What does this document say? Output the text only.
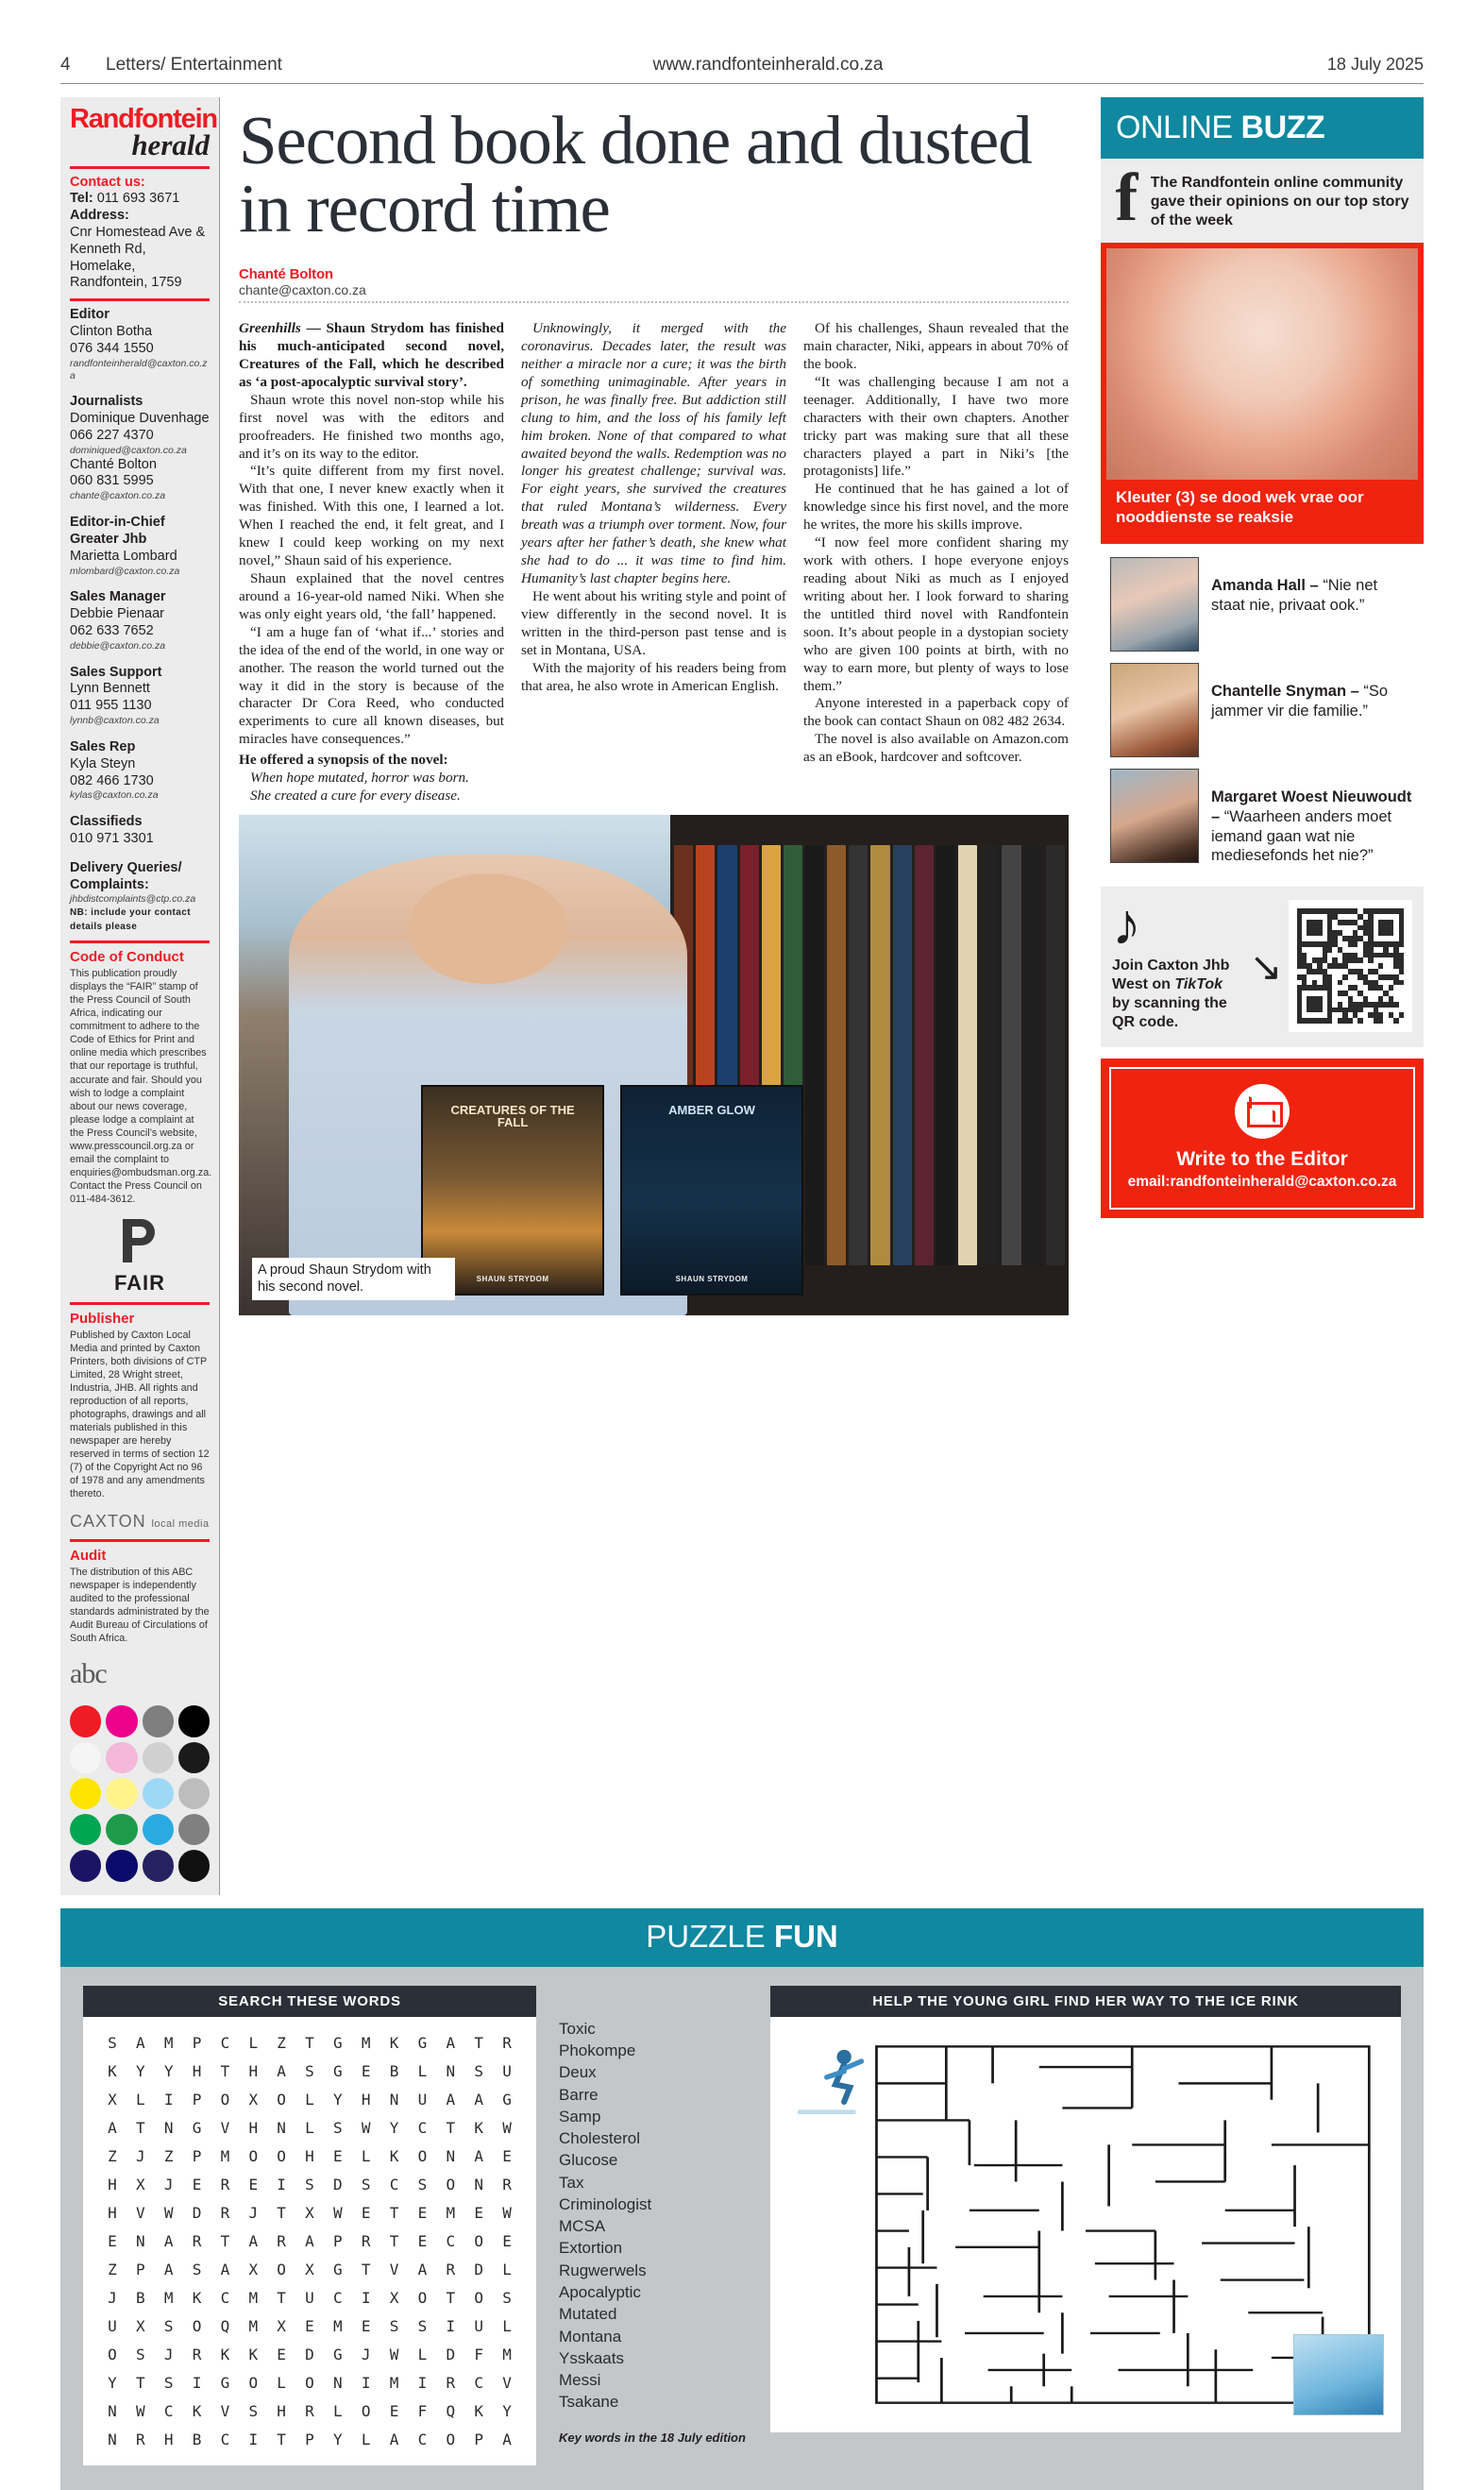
4	Letters/ Entertainment	www.randfonteinherald.co.za	18 July 2025
Randfontein
herald
Contact us:
Tel: 011 693 3671
Address:
Cnr Homestead Ave &
Kenneth Rd,
Homelake,
Randfontein, 1759
Editor
Clinton Botha
076 344 1550
randfonteinherald@caxton.co.za
Journalists
Dominique Duvenhage
066 227 4370
dominiqued@caxton.co.za
Chanté Bolton
060 831 5995
chante@caxton.co.za
Editor-in-Chief Greater Jhb
Marietta Lombard
mlombard@caxton.co.za
Sales Manager
Debbie Pienaar
062 633 7652
debbie@caxton.co.za
Sales Support
Lynn Bennett
011 955 1130
lynnb@caxton.co.za
Sales Rep
Kyla Steyn
082 466 1730
kylas@caxton.co.za
Classifieds
010 971 3301
Delivery Queries/ Complaints:
jhbdistcomplaints@ctp.co.za
NB: include your contact details please
Code of Conduct
This publication proudly displays the “FAIR” stamp of the Press Council of South Africa, indicating our commitment to adhere to the Code of Ethics for Print and online media which prescribes that our reportage is truthful, accurate and fair. Should you wish to lodge a complaint about our news coverage, please lodge a complaint at the Press Council’s website, www.presscouncil.org.za or email the complaint to enquiries@ombudsman.org.za. Contact the Press Council on 011-484-3612.
FAIR
Publisher
Published by Caxton Local Media and printed by Caxton Printers, both divisions of CTP Limited, 28 Wright street, Industria, JHB. All rights and reproduction of all reports, photographs, drawings and all materials published in this newspaper are hereby reserved in terms of section 12 (7) of the Copyright Act no 96 of 1978 and any amendments thereto.
CAXTON local media
Audit
The distribution of this ABC newspaper is independently audited to the professional standards administrated by the Audit Bureau of Circulations of South Africa.
abc
Second book done and dusted in record time
Chanté Bolton
chante@caxton.co.za

Greenhills — Shaun Strydom has finished his much-anticipated second novel, Creatures of the Fall, which he described as ‘a post-apocalyptic survival story’.

Shaun wrote this novel non-stop while his first novel was with the editors and proofreaders. He finished two months ago, and it’s on its way to the editor.

“It’s quite different from my first novel. With that one, I never knew exactly when it was finished. With this one, I learned a lot. When I reached the end, it felt great, and I knew I could keep working on my next novel,” Shaun said of his experience.

Shaun explained that the novel centres around a 16-year-old named Niki. When she was only eight years old, ‘the fall’ happened.

“I am a huge fan of ‘what if...’ stories and the idea of the end of the world, in one way or another. The reason the world turned out the way it did in the story is because of the character Dr Cora Reed, who conducted experiments to cure all known diseases, but miracles have consequences.”

He offered a synopsis of the novel:

When hope mutated, horror was born.

She created a cure for every disease.

Unknowingly, it merged with the coronavirus. Decades later, the result was neither a miracle nor a cure; it was the birth of something unimaginable. After years in prison, he was finally free. But addiction still clung to him, and the loss of his family left him broken. None of that compared to what awaited beyond the walls. Redemption was no longer his greatest challenge; survival was. For eight years, she survived the creatures that ruled Montana’s wilderness. Every breath was a triumph over torment. Now, four years after her father’s death, she knew what she had to do ... it was time to find him. Humanity’s last chapter begins here.

He went about his writing style and point of view differently in the second novel. It is written in the third-person past tense and is set in Montana, USA.

With the majority of his readers being from that area, he also wrote in American English.

Of his challenges, Shaun revealed that the main character, Niki, appears in about 70% of the book.

“It was challenging because I am not a teenager. Additionally, I have two more characters with their own chapters. Another tricky part was making sure that all these characters played a part in Niki’s [the protagonists] life.”

He continued that he has gained a lot of knowledge since his first novel, and the more he writes, the more his skills improve.

“I now feel more confident sharing my work with others. I hope everyone enjoys reading about Niki as much as I enjoyed writing about her. I look forward to sharing the untitled third novel with Randfontein soon. It’s about people in a dystopian society who are given 100 points at birth, with no way to earn more, but plenty of ways to lose them.”

Anyone interested in a paperback copy of the book can contact Shaun on 082 482 2634.

The novel is also available on Amazon.com as an eBook, hardcover and softcover.

CREATURES OF THE FALL
SHAUN STRYDOM
AMBER GLOW
SHAUN STRYDOM
A proud Shaun Strydom with his second novel.
ONLINE BUZZ
f The Randfontein online community gave their opinions on our top story of the week

Kleuter (3) se dood wek vrae oor nooddienste se reaksie
Amanda Hall – “Nie net staat nie, privaat ook.”
Chantelle Snyman – “So jammer vir die familie.”
Margaret Woest Nieuwoudt – “Waarheen anders moet iemand gaan wat nie mediesefonds het nie?”
♪
Join Caxton Jhb West on TikTok by scanning the QR code.
↘
Write to the Editor
email:randfonteinherald@caxton.co.za
PUZZLE FUN
SEARCH THESE WORDS
S	A	M	P	C	L	Z	T	G	M	K	G	A	T	R
K	Y	Y	H	T	H	A	S	G	E	B	L	N	S	U
X	L	I	P	O	X	O	L	Y	H	N	U	A	A	G
A	T	N	G	V	H	N	L	S	W	Y	C	T	K	W
Z	J	Z	P	M	O	O	H	E	L	K	O	N	A	E
H	X	J	E	R	E	I	S	D	S	C	S	O	N	R
H	V	W	D	R	J	T	X	W	E	T	E	M	E	W
E	N	A	R	T	A	R	A	P	R	T	E	C	O	E
Z	P	A	S	A	X	O	X	G	T	V	A	R	D	L
J	B	M	K	C	M	T	U	C	I	X	O	T	O	S
U	X	S	O	Q	M	X	E	M	E	S	S	I	U	L
O	S	J	R	K	K	E	D	G	J	W	L	D	F	M
Y	T	S	I	G	O	L	O	N	I	M	I	R	C	V
N	W	C	K	V	S	H	R	L	O	E	F	Q	K	Y
N	R	H	B	C	I	T	P	Y	L	A	C	O	P	A
Toxic
Phokompe
Deux
Barre
Samp
Cholesterol
Glucose
Tax
Criminologist
MCSA
Extortion
Rugwerwels
Apocalyptic
Mutated
Montana
Ysskaats
Messi
Tsakane
Key words in the 18 July edition
HELP THE YOUNG GIRL FIND HER WAY TO THE ICE RINK
